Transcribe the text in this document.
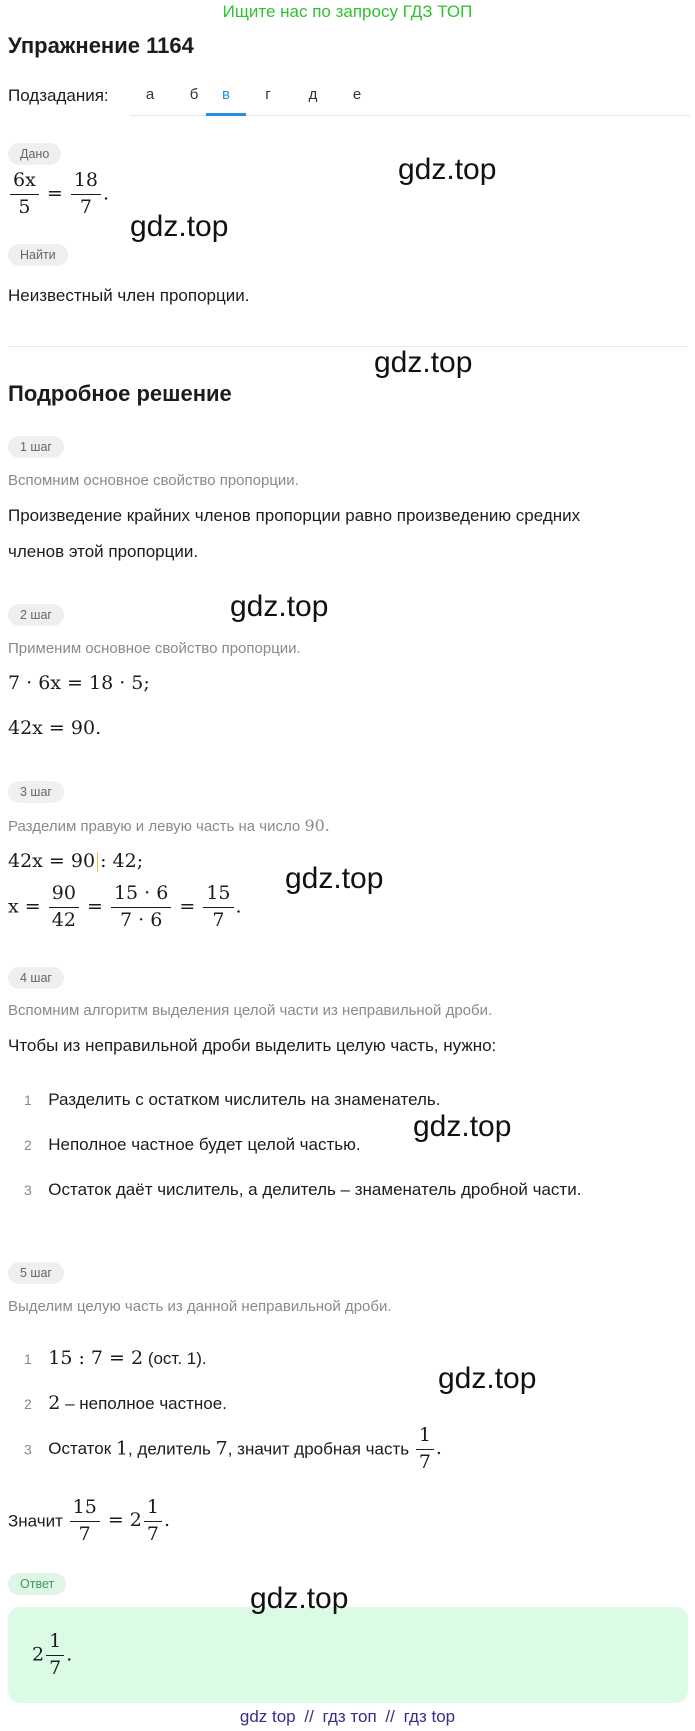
Ищите нас по запросу ГДЗ ТОП
Упражнение 1164
Подзадания:	а	б	в	г	д	е
Дано
$\frac{6x}{5} = \frac{18}{7}$ .
Найти
Неизвестный член пропорции.
Подробное решение
1 шаг
Вспомним основное свойство пропорции.
Произведение крайних членов пропорции равно произведению средних
членов этой пропорции.
2 шаг
Применим основное свойство пропорции.
7 · 6x = 18 · 5;
42x = 90.
3 шаг
Разделим правую и левую часть на число 90.
42x = 90 : 42;
$x = \frac{90}{42} = \frac{15 \cdot 6}{7 \cdot 6} = \frac{15}{7}$ .
4 шаг
Вспомним алгоритм выделения целой части из неправильной дроби.
Чтобы из неправильной дроби выделить целую часть, нужно:
1 Разделить с остатком числитель на знаменатель.
2 Неполное частное будет целой частью.
3 Остаток даёт числитель, а делитель – знаменатель дробной части.
5 шаг
Выделим целую часть из данной неправильной дроби.
1 15 : 7 = 2 (ост. 1).
2 2 – неполное частное.
3 Остаток 1, делитель 7, значит дробная часть $\frac{1}{7}$ .
Значит $\frac{15}{7} = 2 \frac{1}{7}$ .
Ответ
$2 \frac{1}{7}$ .
gdz.top
gdz.top
gdz.top
gdz.top
gdz.top
gdz.top
gdz.top
gdz.top
gdz top // гдз топ // гдз top
